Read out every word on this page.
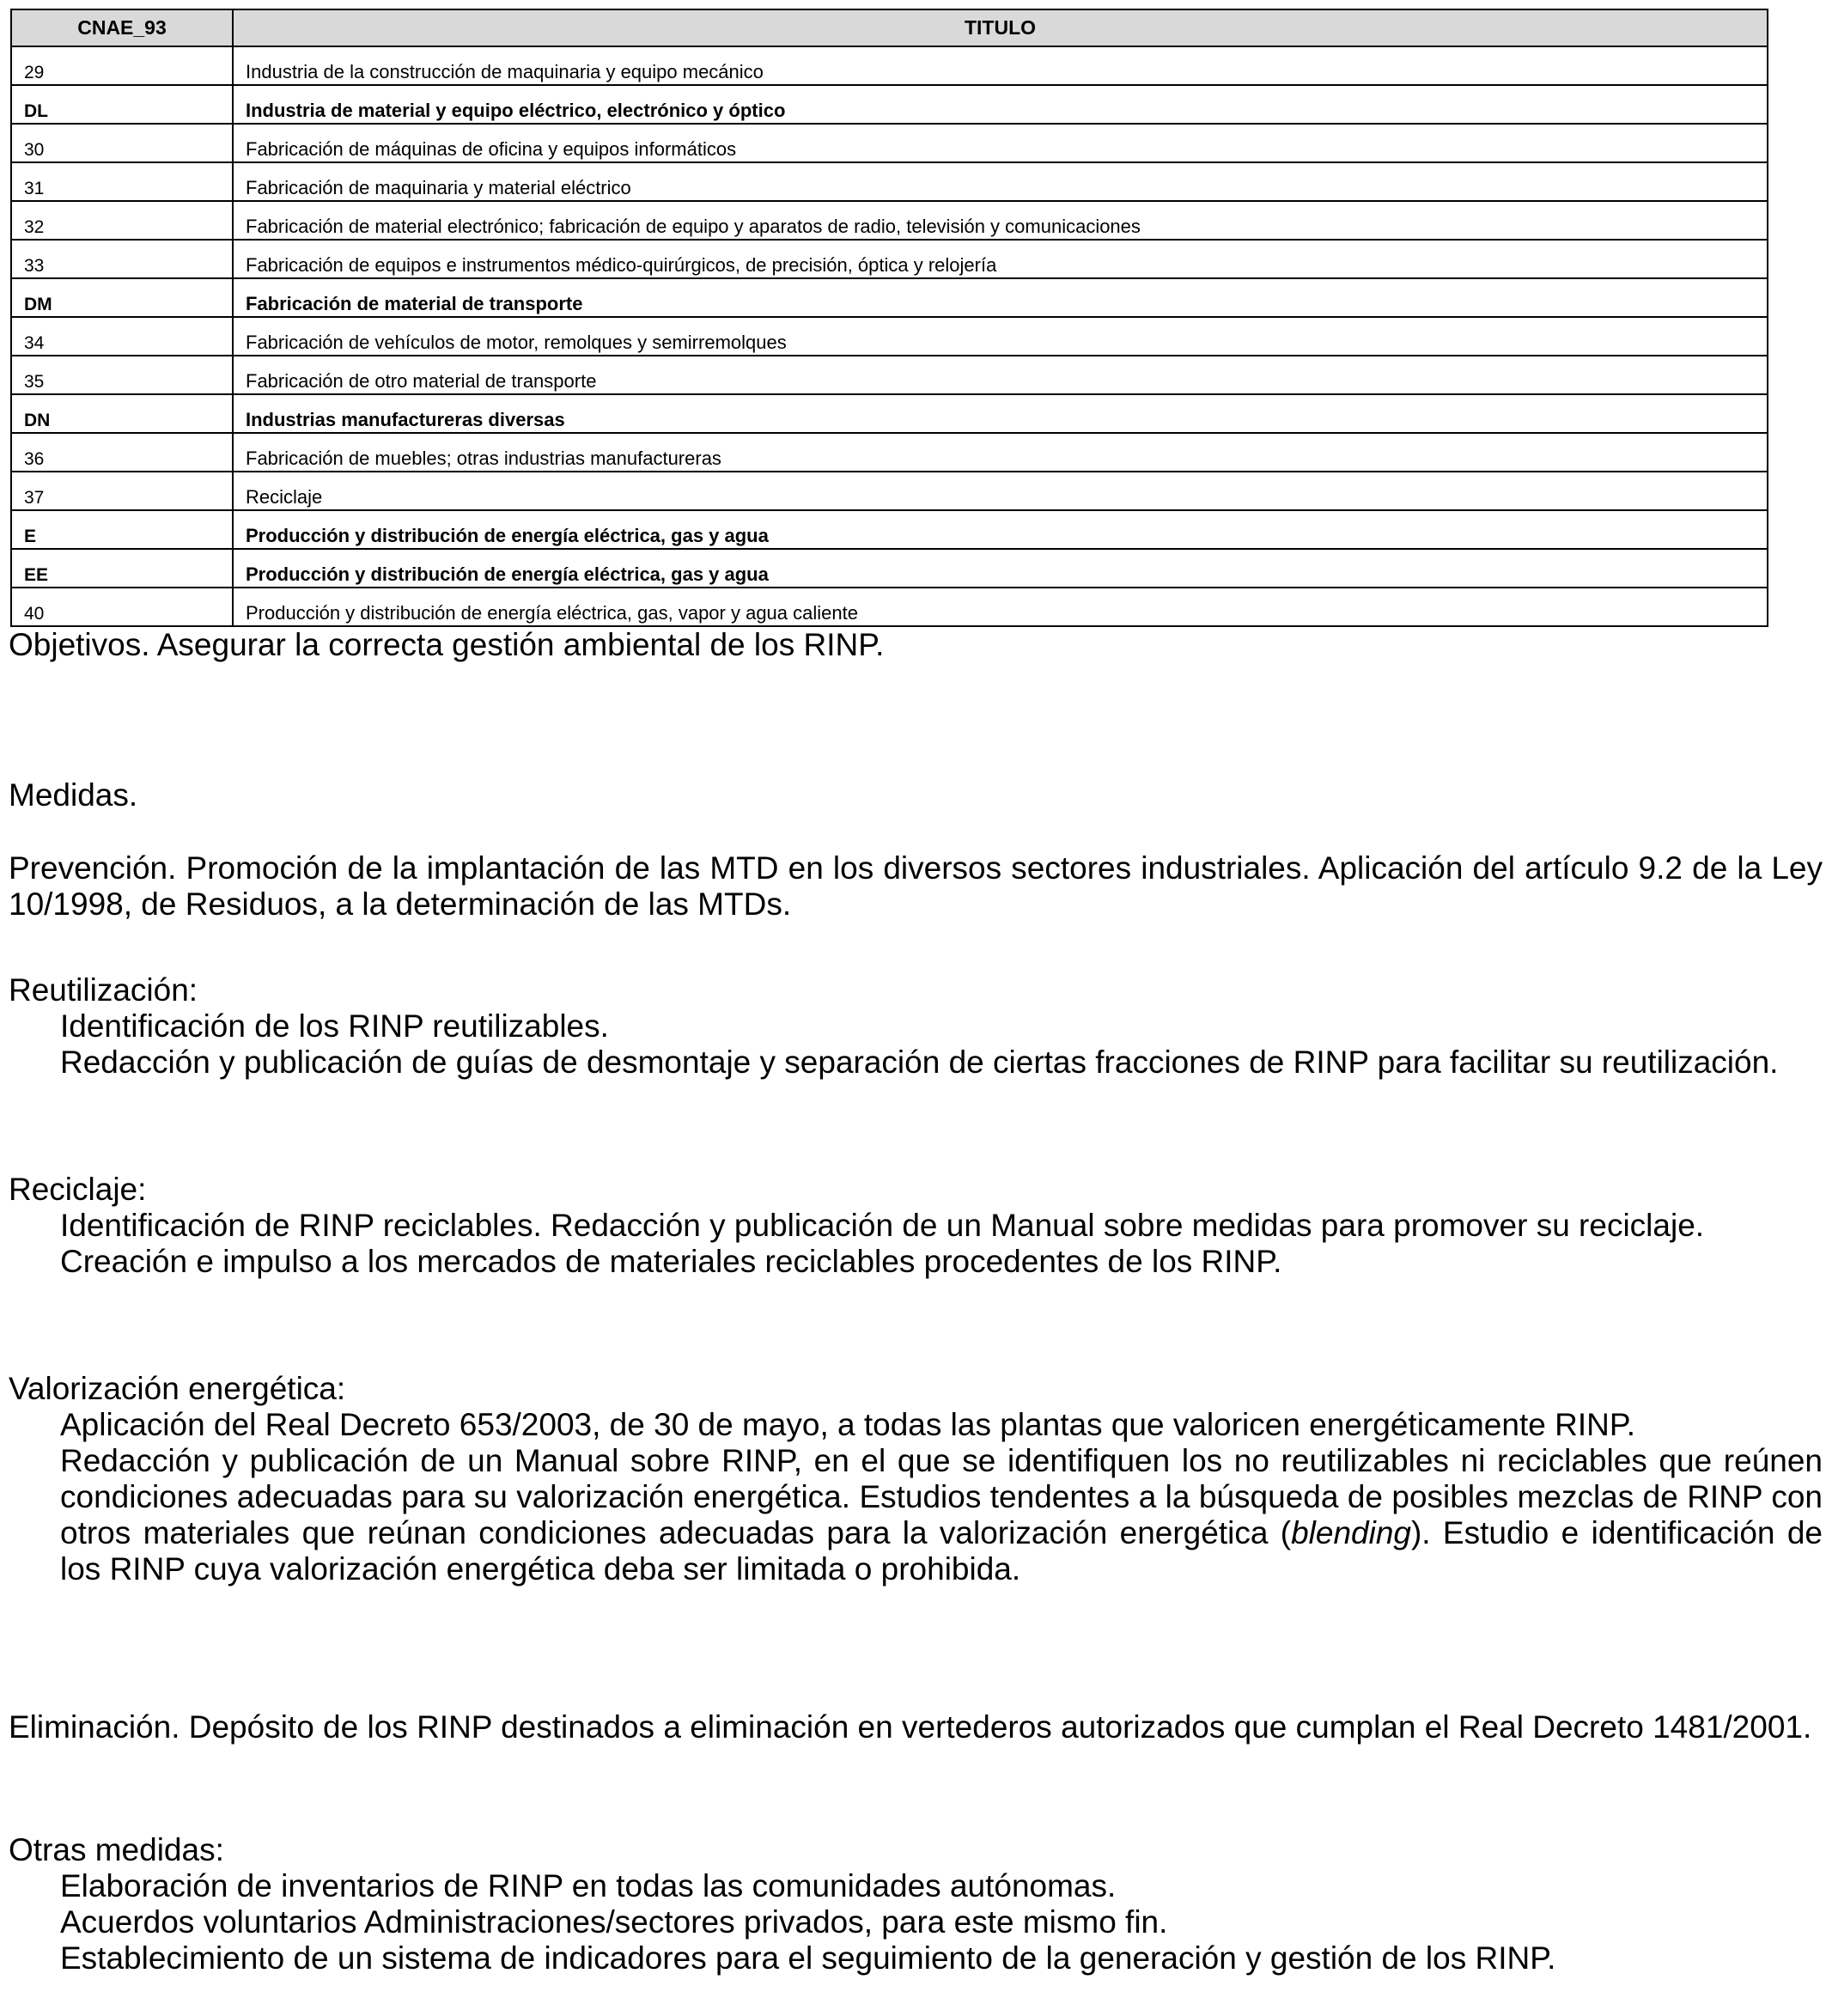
CNAE_93	TITULO
29	Industria de la construcción de maquinaria y equipo mecánico
DL	Industria de material y equipo eléctrico, electrónico y óptico
30	Fabricación de máquinas de oficina y equipos informáticos
31	Fabricación de maquinaria y material eléctrico
32	Fabricación de material electrónico; fabricación de equipo y aparatos de radio, televisión y comunicaciones
33	Fabricación de equipos e instrumentos médico-quirúrgicos, de precisión, óptica y relojería
DM	Fabricación de material de transporte
34	Fabricación de vehículos de motor, remolques y semirremolques
35	Fabricación de otro material de transporte
DN	Industrias manufactureras diversas
36	Fabricación de muebles; otras industrias manufactureras
37	Reciclaje
E	Producción y distribución de energía eléctrica, gas y agua
EE	Producción y distribución de energía eléctrica, gas y agua
40	Producción y distribución de energía eléctrica, gas, vapor y agua caliente

Objetivos. Asegurar la correcta gestión ambiental de los RINP.

Medidas.

Prevención. Promoción de la implantación de las MTD en los diversos sectores industriales. Aplicación del artículo 9.2 de la Ley 10/1998, de Residuos, a la determinación de las MTDs.

Reutilización:

Identificación de los RINP reutilizables.

Redacción y publicación de guías de desmontaje y separación de ciertas fracciones de RINP para facilitar su reutilización.

Reciclaje:

Identificación de RINP reciclables. Redacción y publicación de un Manual sobre medidas para promover su reciclaje.

Creación e impulso a los mercados de materiales reciclables procedentes de los RINP.

Valorización energética:

Aplicación del Real Decreto 653/2003, de 30 de mayo, a todas las plantas que valoricen energéticamente RINP.

Redacción y publicación de un Manual sobre RINP, en el que se identifiquen los no reutilizables ni reciclables que reúnen condiciones adecuadas para su valorización energética. Estudios tendentes a la búsqueda de posibles mezclas de RINP con otros materiales que reúnan condiciones adecuadas para la valorización energética (blending). Estudio e identificación de los RINP cuya valorización energética deba ser limitada o prohibida.

Eliminación. Depósito de los RINP destinados a eliminación en vertederos autorizados que cumplan el Real Decreto 1481/2001.

Otras medidas:

Elaboración de inventarios de RINP en todas las comunidades autónomas.

Acuerdos voluntarios Administraciones/sectores privados, para este mismo fin.

Establecimiento de un sistema de indicadores para el seguimiento de la generación y gestión de los RINP.
